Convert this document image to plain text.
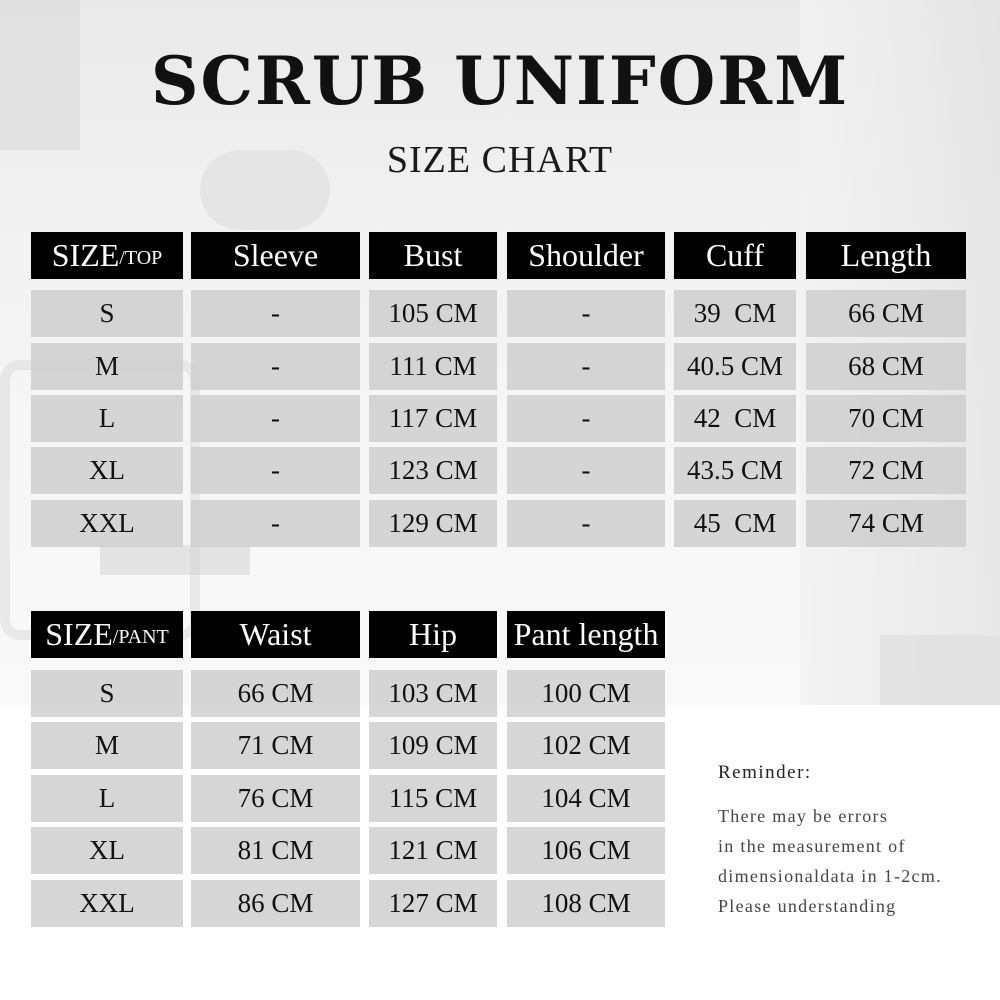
SCRUB UNIFORM
SIZE CHART
SIZE /TOP	Sleeve	Bust	Shoulder	Cuff	Length
S	-	105 CM	-	39  CM	66 CM
M	-	111 CM	-	40.5 CM	68 CM
L	-	117 CM	-	42  CM	70 CM
XL	-	123 CM	-	43.5 CM	72 CM
XXL	-	129 CM	-	45  CM	74 CM
SIZE /PANT	Waist	Hip	Pant length
S	66 CM	103 CM	100 CM
M	71 CM	109 CM	102 CM
L	76 CM	115 CM	104 CM
XL	81 CM	121 CM	106 CM
XXL	86 CM	127 CM	108 CM
Reminder:
There may be errors
in the measurement of
dimensionaldata in 1-2cm.
Please understanding
